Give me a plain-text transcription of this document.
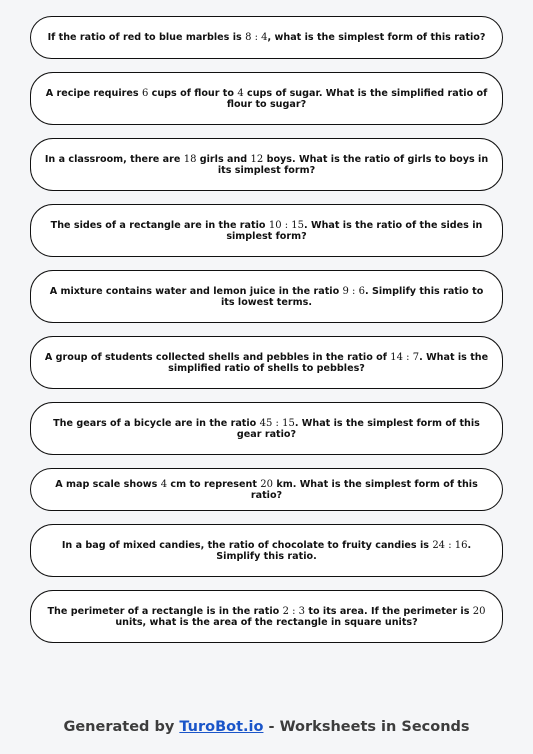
If the ratio of red to blue marbles is 8 : 4, what is the simplest form of this ratio?
A recipe requires 6 cups of flour to 4 cups of sugar. What is the simplified ratio of flour to sugar?
In a classroom, there are 18 girls and 12 boys. What is the ratio of girls to boys in its simplest form?
The sides of a rectangle are in the ratio 10 : 15. What is the ratio of the sides in simplest form?
A mixture contains water and lemon juice in the ratio 9 : 6. Simplify this ratio to its lowest terms.
A group of students collected shells and pebbles in the ratio of 14 : 7. What is the simplified ratio of shells to pebbles?
The gears of a bicycle are in the ratio 45 : 15. What is the simplest form of this gear ratio?
A map scale shows 4 cm to represent 20 km. What is the simplest form of this ratio?
In a bag of mixed candies, the ratio of chocolate to fruity candies is 24 : 16. Simplify this ratio.
The perimeter of a rectangle is in the ratio 2 : 3 to its area. If the perimeter is 20 units, what is the area of the rectangle in square units?
Generated by TuroBot.io - Worksheets in Seconds
